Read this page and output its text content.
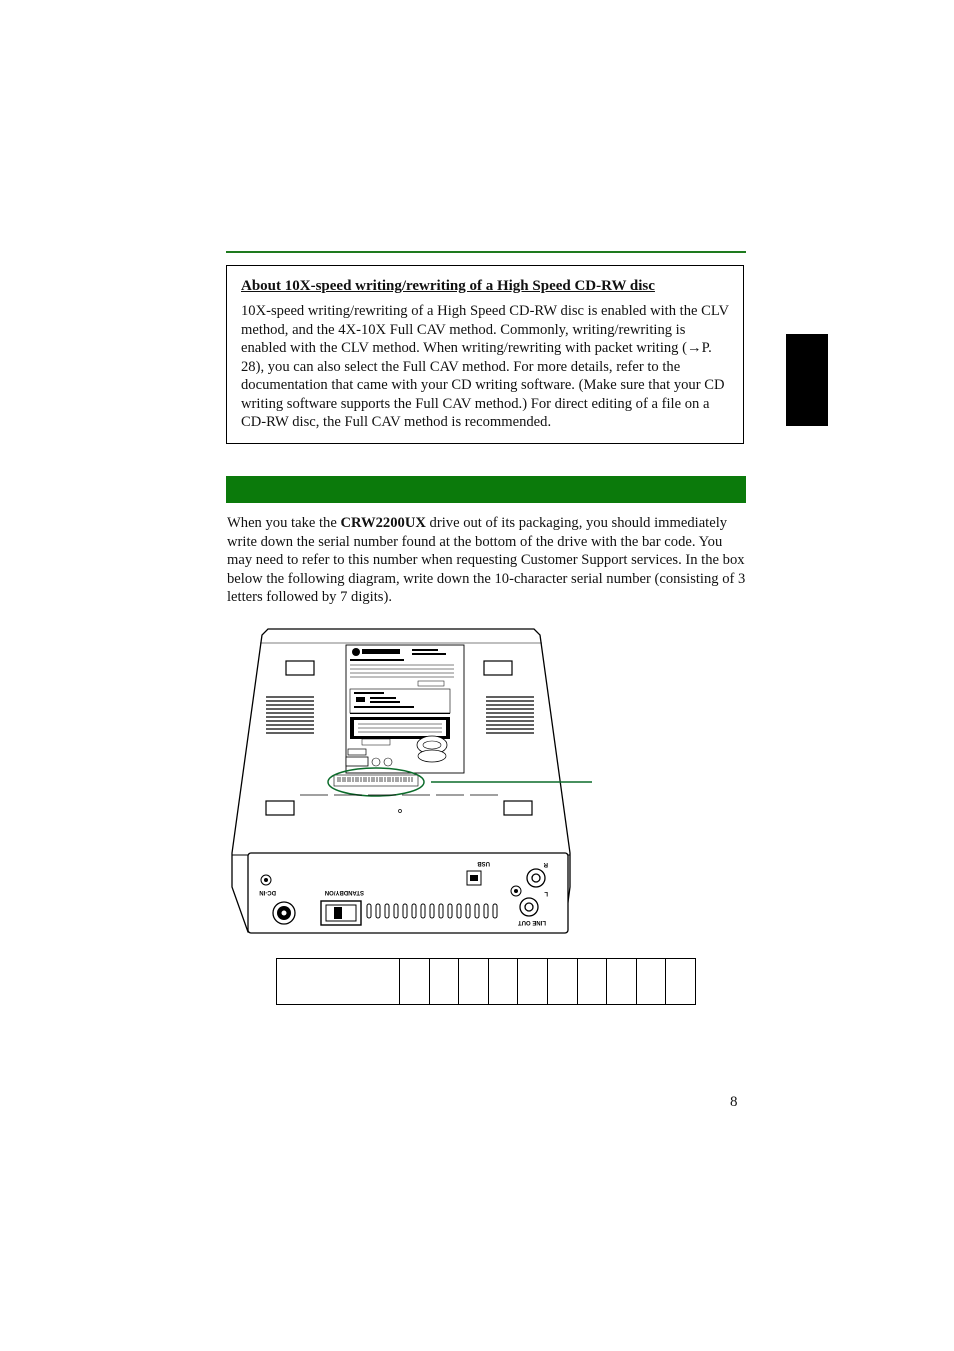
About 10X-speed writing/rewriting of a High Speed CD-RW disc

10X-speed writing/rewriting of a High Speed CD-RW disc is enabled with the CLV method, and the 4X-10X Full CAV method. Commonly, writing/rewriting is enabled with the CLV method. When writing/rewriting with packet writing (→P. 28), you can also select the Full CAV method. For more details, refer to the documentation that came with your CD writing software. (Make sure that your CD writing software supports the Full CAV method.) For direct editing of a file on a CD-RW disc, the Full CAV method is recommended.

When you take the CRW2200UX drive out of its packaging, you should immediately write down the serial number found at the bottom of the drive with the bar code. You may need to refer to this number when requesting Customer Support services. In the box below the following diagram, write down the 10-character serial number (consisting of 3 letters followed by 7 digits).

USB	R
L
DC-IN	STANDBY/ON
LINE OUT
8
